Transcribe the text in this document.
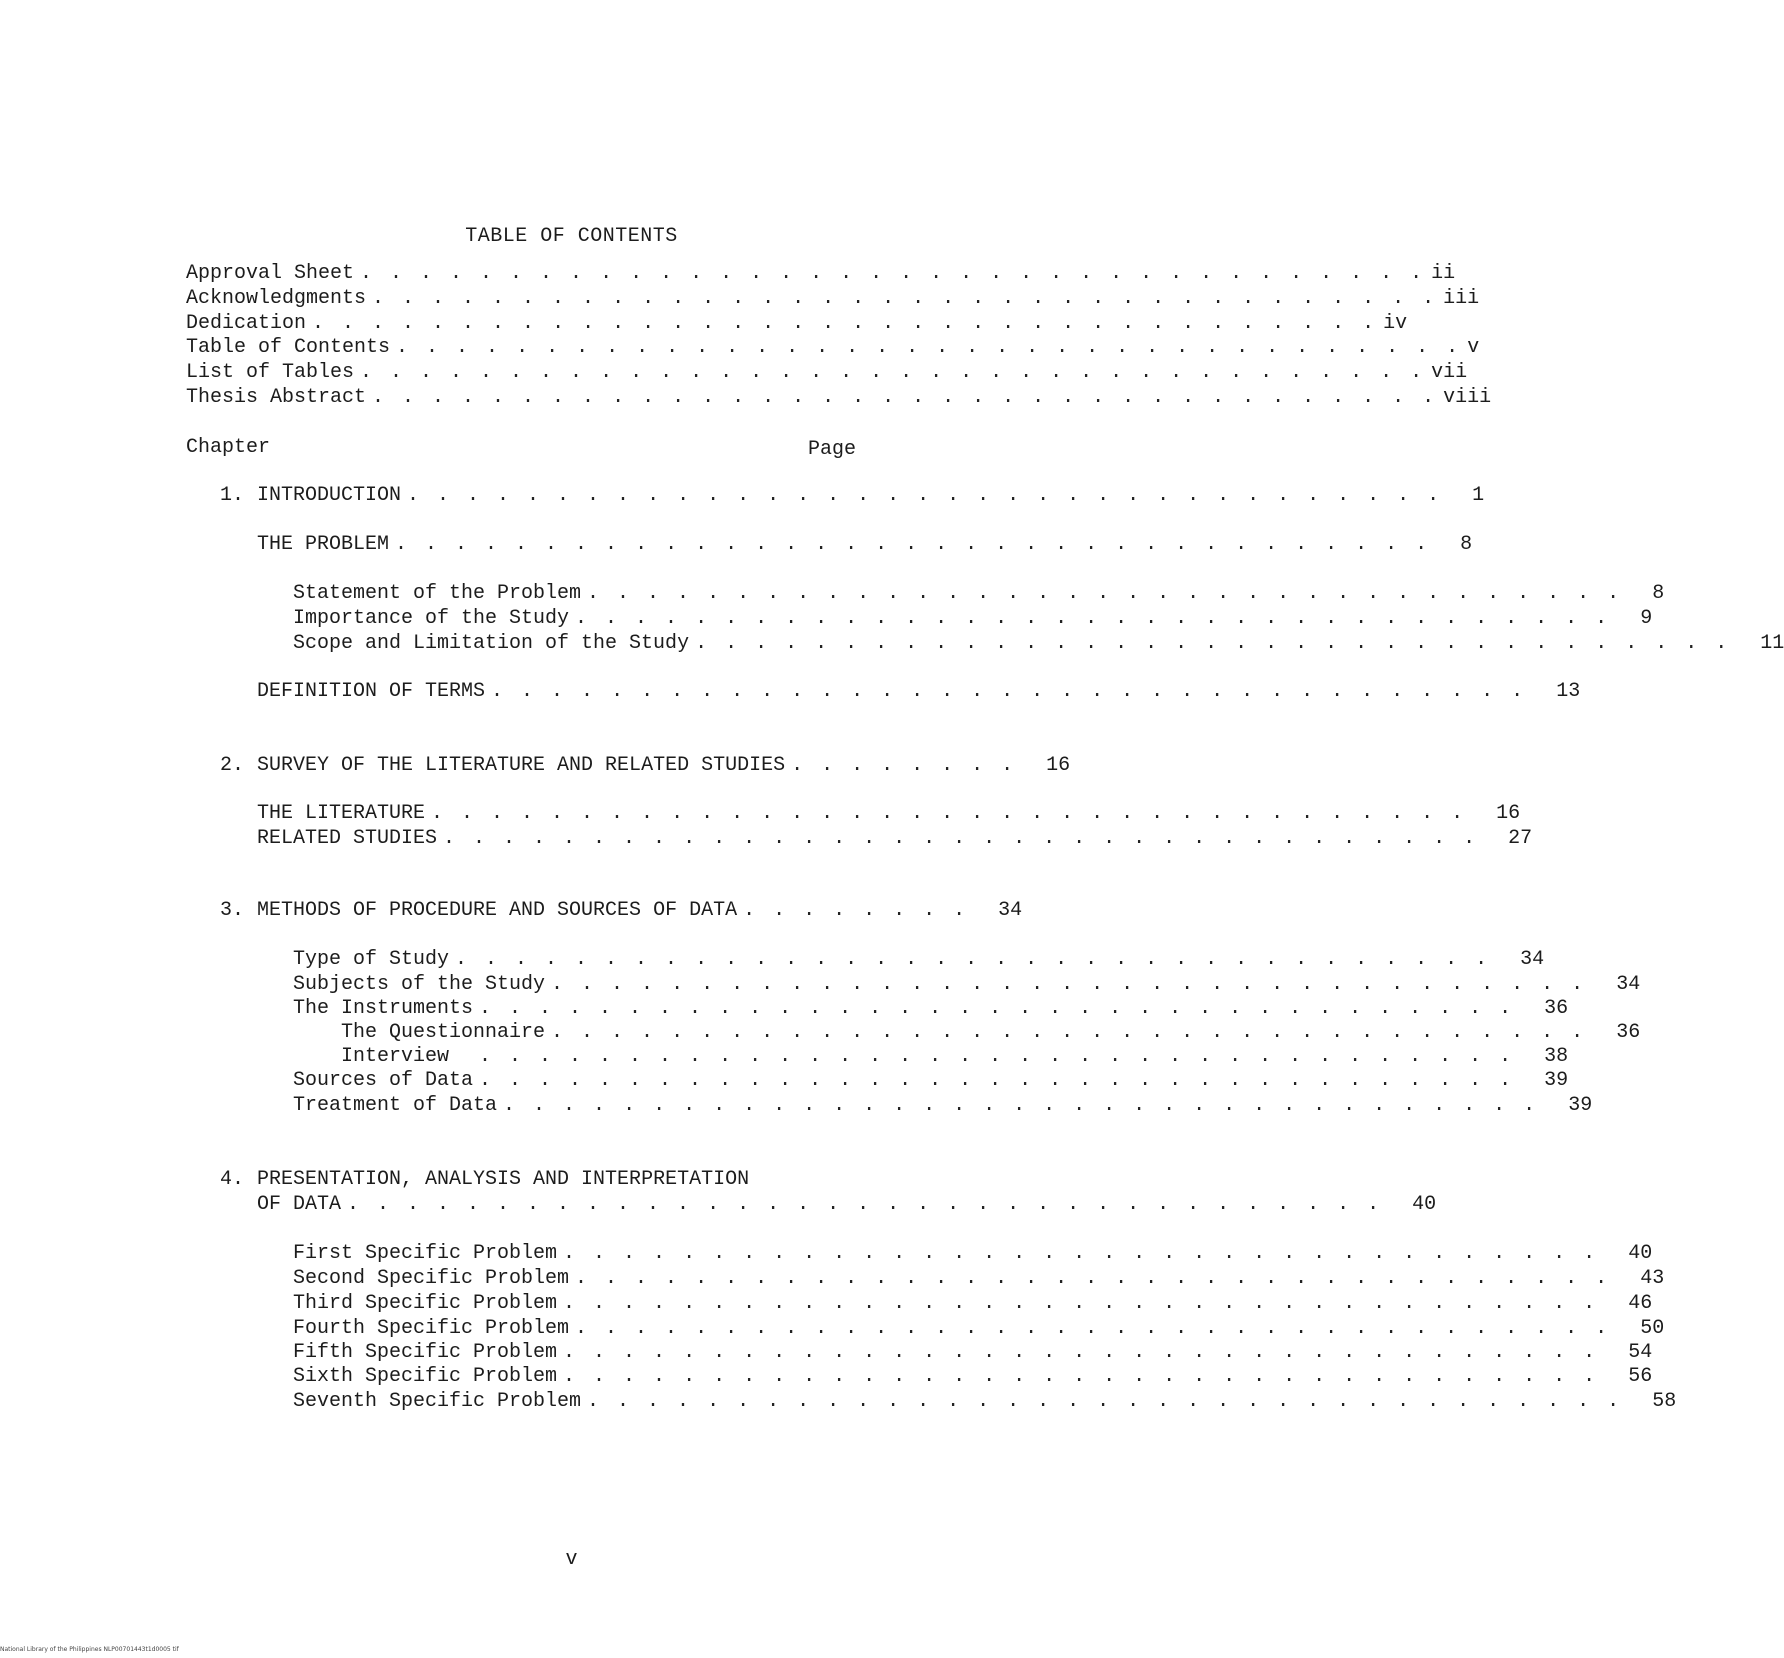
TABLE OF CONTENTS
Approval Sheet . . . . . . . . . . . . . . . . . . . . . . . . . . . . . . . . . . . . ii
Acknowledgments . . . . . . . . . . . . . . . . . . . . . . . . . . . . . . . . . . . . iii
Dedication . . . . . . . . . . . . . . . . . . . . . . . . . . . . . . . . . . . . iv
Table of Contents . . . . . . . . . . . . . . . . . . . . . . . . . . . . . . . . . . . . v
List of Tables . . . . . . . . . . . . . . . . . . . . . . . . . . . . . . . . . . . . vii
Thesis Abstract . . . . . . . . . . . . . . . . . . . . . . . . . . . . . . . . . . . . viii
Chapter	Page
1. INTRODUCTION . . . . . . . . . . . . . . . . . . . . . . . . . . . . . . . . . . . 1
THE PROBLEM . . . . . . . . . . . . . . . . . . . . . . . . . . . . . . . . . . . 8
Statement of the Problem . . . . . . . . . . . . . . . . . . . . . . . . . . . . . . . . . . . 8
Importance of the Study . . . . . . . . . . . . . . . . . . . . . . . . . . . . . . . . . . . 9
Scope and Limitation of the Study . . . . . . . . . . . . . . . . . . . . . . . . . . . . . . . . . . . 11
DEFINITION OF TERMS . . . . . . . . . . . . . . . . . . . . . . . . . . . . . . . . . . . 13
2. SURVEY OF THE LITERATURE AND RELATED STUDIES . . . . . . . . 16
THE LITERATURE . . . . . . . . . . . . . . . . . . . . . . . . . . . . . . . . . . . 16
RELATED STUDIES . . . . . . . . . . . . . . . . . . . . . . . . . . . . . . . . . . . 27
3. METHODS OF PROCEDURE AND SOURCES OF DATA . . . . . . . . 34
Type of Study . . . . . . . . . . . . . . . . . . . . . . . . . . . . . . . . . . . 34
Subjects of the Study . . . . . . . . . . . . . . . . . . . . . . . . . . . . . . . . . . . 34
The Instruments . . . . . . . . . . . . . . . . . . . . . . . . . . . . . . . . . . . 36
The Questionnaire . . . . . . . . . . . . . . . . . . . . . . . . . . . . . . . . . . . 36
Interview . . . . . . . . . . . . . . . . . . . . . . . . . . . . . . . . . . . 38
Sources of Data . . . . . . . . . . . . . . . . . . . . . . . . . . . . . . . . . . . 39
Treatment of Data . . . . . . . . . . . . . . . . . . . . . . . . . . . . . . . . . . . 39
4. PRESENTATION, ANALYSIS AND INTERPRETATION
OF DATA . . . . . . . . . . . . . . . . . . . . . . . . . . . . . . . . . . . 40
First Specific Problem . . . . . . . . . . . . . . . . . . . . . . . . . . . . . . . . . . . 40
Second Specific Problem . . . . . . . . . . . . . . . . . . . . . . . . . . . . . . . . . . . 43
Third Specific Problem . . . . . . . . . . . . . . . . . . . . . . . . . . . . . . . . . . . 46
Fourth Specific Problem . . . . . . . . . . . . . . . . . . . . . . . . . . . . . . . . . . . 50
Fifth Specific Problem . . . . . . . . . . . . . . . . . . . . . . . . . . . . . . . . . . . 54
Sixth Specific Problem . . . . . . . . . . . . . . . . . . . . . . . . . . . . . . . . . . . 56
Seventh Specific Problem . . . . . . . . . . . . . . . . . . . . . . . . . . . . . . . . . . . 58
v
National Library of the Philippines NLP00701443t1d0005 tif
